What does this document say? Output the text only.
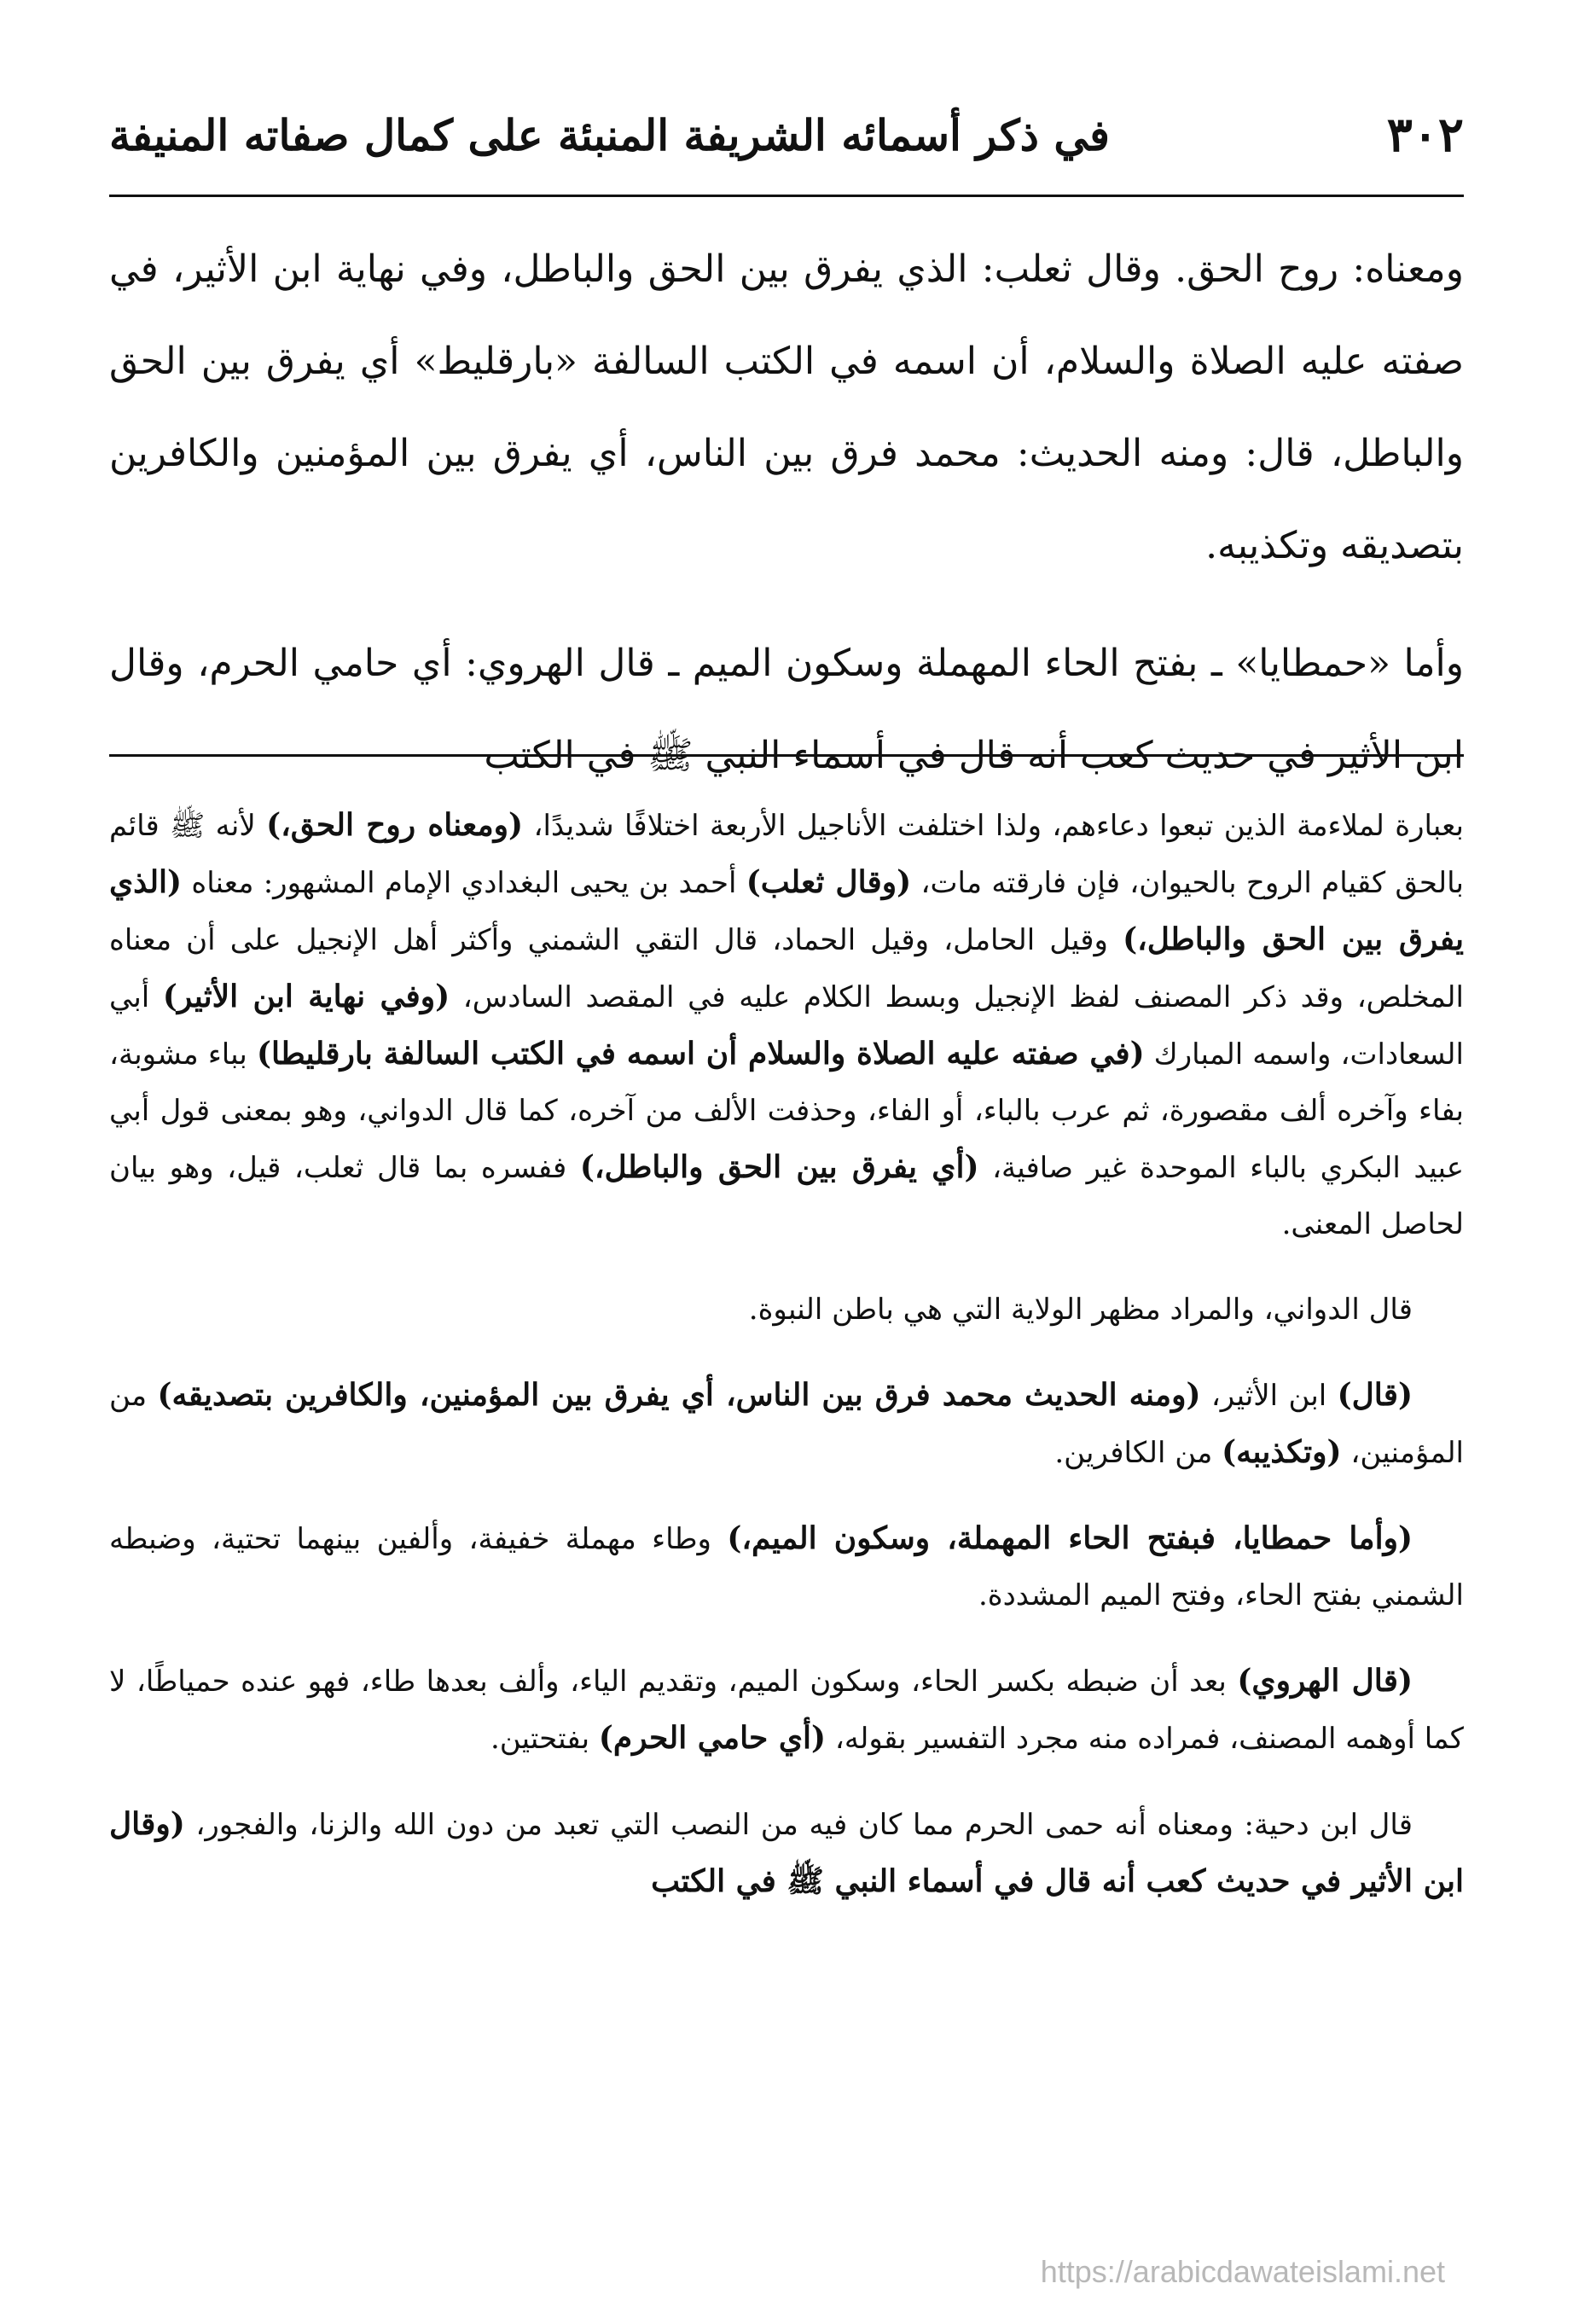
٣٠٢
في ذكر أسمائه الشريفة المنبئة على كمال صفاته المنيفة

ومعناه: روح الحق. وقال ثعلب: الذي يفرق بين الحق والباطل، وفي نهاية ابن الأثير، في صفته عليه الصلاة والسلام، أن اسمه في الكتب السالفة «بارقليط» أي يفرق بين الحق والباطل، قال: ومنه الحديث: محمد فرق بين الناس، أي يفرق بين المؤمنين والكافرين بتصديقه وتكذيبه.

وأما «حمطايا» ـ بفتح الحاء المهملة وسكون الميم ـ قال الهروي: أي حامي الحرم، وقال ابن الأثير في حديث كعب أنه قال في أسماء النبي ﷺ في الكتب

بعبارة لملاءمة الذين تبعوا دعاءهم، ولذا اختلفت الأناجيل الأربعة اختلافًا شديدًا، (ومعناه روح الحق،) لأنه ﷺ قائم بالحق كقيام الروح بالحيوان، فإن فارقته مات، (وقال ثعلب) أحمد بن يحيى البغدادي الإمام المشهور: معناه (الذي يفرق بين الحق والباطل،) وقيل الحامل، وقيل الحماد، قال التقي الشمني وأكثر أهل الإنجيل على أن معناه المخلص، وقد ذكر المصنف لفظ الإنجيل وبسط الكلام عليه في المقصد السادس، (وفي نهاية ابن الأثير) أبي السعادات، واسمه المبارك (في صفته عليه الصلاة والسلام أن اسمه في الكتب السالفة بارقليطا) بباء مشوبة، بفاء وآخره ألف مقصورة، ثم عرب بالباء، أو الفاء، وحذفت الألف من آخره، كما قال الدواني، وهو بمعنى قول أبي عبيد البكري بالباء الموحدة غير صافية، (أي يفرق بين الحق والباطل،) ففسره بما قال ثعلب، قيل، وهو بيان لحاصل المعنى.

قال الدواني، والمراد مظهر الولاية التي هي باطن النبوة.

(قال) ابن الأثير، (ومنه الحديث محمد فرق بين الناس، أي يفرق بين المؤمنين، والكافرين بتصديقه) من المؤمنين، (وتكذيبه) من الكافرين.

(وأما حمطايا، فبفتح الحاء المهملة، وسكون الميم،) وطاء مهملة خفيفة، وألفين بينهما تحتية، وضبطه الشمني بفتح الحاء، وفتح الميم المشددة.

(قال الهروي) بعد أن ضبطه بكسر الحاء، وسكون الميم، وتقديم الياء، وألف بعدها طاء، فهو عنده حمياطًا، لا كما أوهمه المصنف، فمراده منه مجرد التفسير بقوله، (أي حامي الحرم) بفتحتين.

قال ابن دحية: ومعناه أنه حمى الحرم مما كان فيه من النصب التي تعبد من دون الله والزنا، والفجور، (وقال ابن الأثير في حديث كعب أنه قال في أسماء النبي ﷺ في الكتب

https://arabicdawateislami.net
